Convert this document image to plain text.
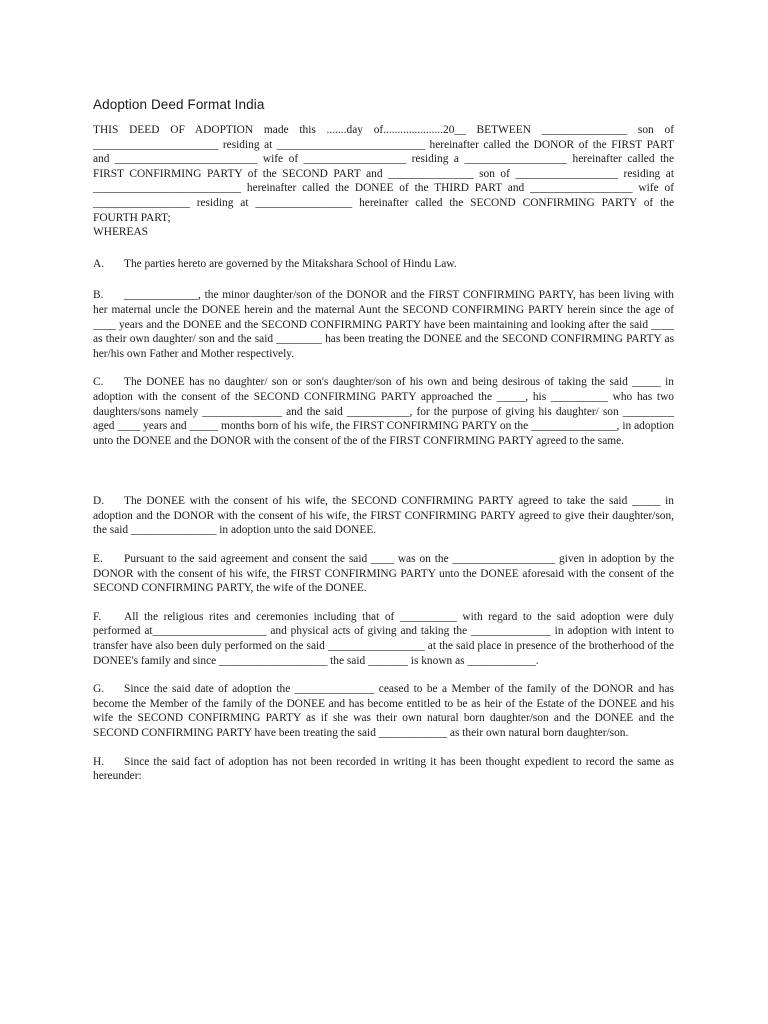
Adoption Deed Format India

THIS DEED OF ADOPTION made this .......day of.....................20__ BETWEEN _______________ son of ______________________ residing at __________________________ hereinafter called the DONOR of the FIRST PART and _________________________ wife of __________________ residing a __________________ hereinafter called the FIRST CONFIRMING PARTY of the SECOND PART and _______________ son of __________________ residing at __________________________ hereinafter called the DONEE of the THIRD PART and __________________ wife of _________________ residing at _________________ hereinafter called the SECOND CONFIRMING PARTY of the FOURTH PART;

WHEREAS

A. The parties hereto are governed by the Mitakshara School of Hindu Law.

B. _____________, the minor daughter/son of the DONOR and the FIRST CONFIRMING PARTY, has been living with her maternal uncle the DONEE herein and the maternal Aunt the SECOND CONFIRMING PARTY herein since the age of ____ years and the DONEE and the SECOND CONFIRMING PARTY have been maintaining and looking after the said ____ as their own daughter/ son and the said ________ has been treating the DONEE and the SECOND CONFIRMING PARTY as her/his own Father and Mother respectively.

C. The DONEE has no daughter/ son or son's daughter/son of his own and being desirous of taking the said _____ in adoption with the consent of the SECOND CONFIRMING PARTY approached the _____, his __________ who has two daughters/sons namely ______________ and the said ___________, for the purpose of giving his daughter/ son _________ aged ____ years and _____ months born of his wife, the FIRST CONFIRMING PARTY on the _______________, in adoption unto the DONEE and the DONOR with the consent of the of the FIRST CONFIRMING PARTY agreed to the same.

D. The DONEE with the consent of his wife, the SECOND CONFIRMING PARTY agreed to take the said _____ in adoption and the DONOR with the consent of his wife, the FIRST CONFIRMING PARTY agreed to give their daughter/son, the said _______________ in adoption unto the said DONEE.

E. Pursuant to the said agreement and consent the said ____ was on the __________________ given in adoption by the DONOR with the consent of his wife, the FIRST CONFIRMING PARTY unto the DONEE aforesaid with the consent of the SECOND CONFIRMING PARTY, the wife of the DONEE.

F. All the religious rites and ceremonies including that of __________ with regard to the said adoption were duly performed at____________________ and physical acts of giving and taking the ______________ in adoption with intent to transfer have also been duly performed on the said _________________ at the said place in presence of the brotherhood of the DONEE's family and since ___________________ the said _______ is known as ____________.

G. Since the said date of adoption the ______________ ceased to be a Member of the family of the DONOR and has become the Member of the family of the DONEE and has become entitled to be as heir of the Estate of the DONEE and his wife the SECOND CONFIRMING PARTY as if she was their own natural born daughter/son and the DONEE and the SECOND CONFIRMING PARTY have been treating the said ____________ as their own natural born daughter/son.

H. Since the said fact of adoption has not been recorded in writing it has been thought expedient to record the same as hereunder:
